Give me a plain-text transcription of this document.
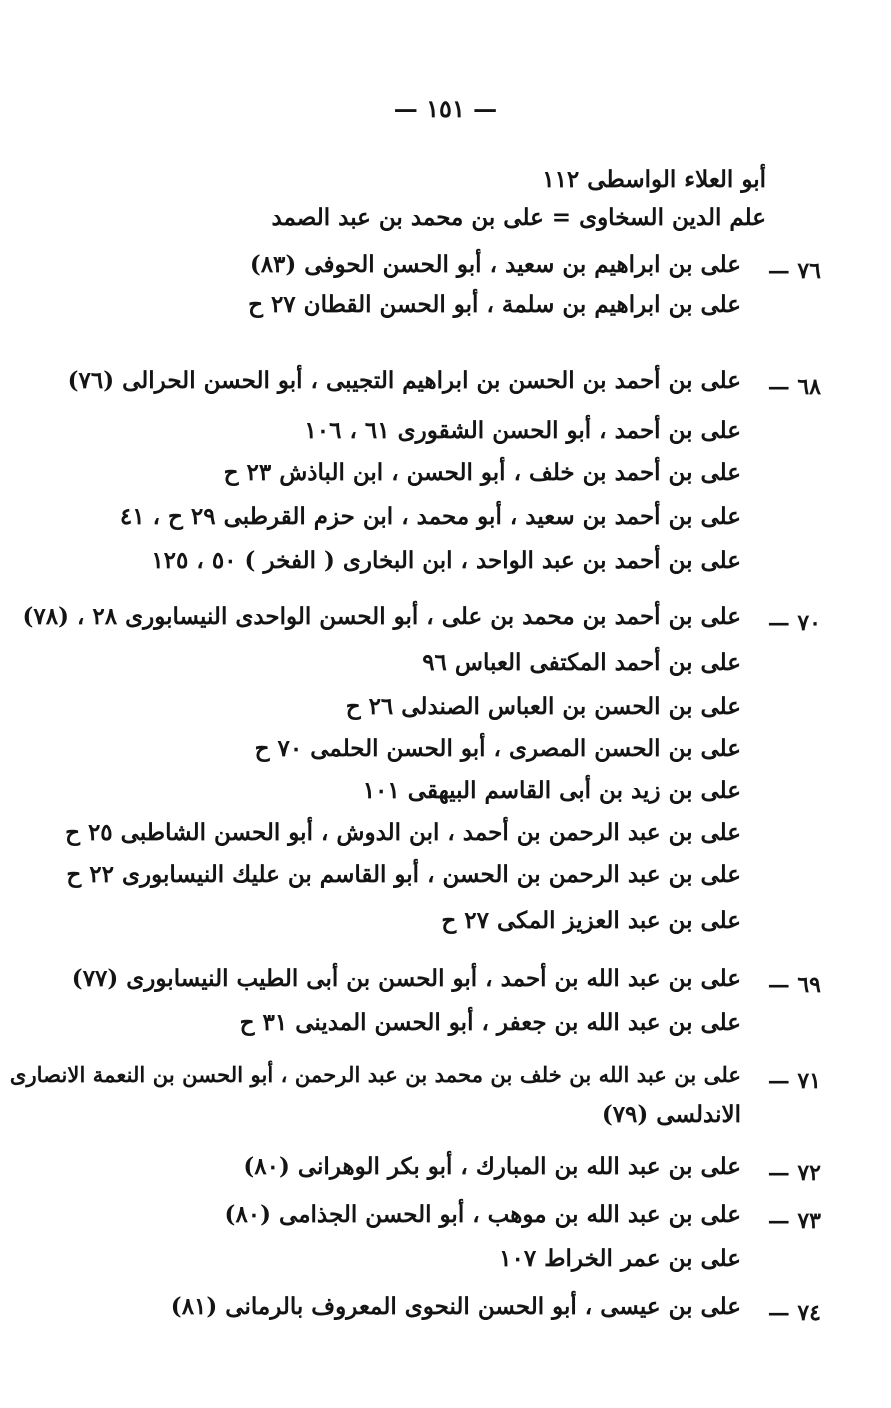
— ١٥١ —
أبو العلاء الواسطى ١١٢
علم الدين السخاوى = على بن محمد بن عبد الصمد
٧٦ —
على بن ابراهيم بن سعيد ، أبو الحسن الحوفى (٨٣)
على بن ابراهيم بن سلمة ، أبو الحسن القطان ٢٧ ح
٦٨ —
على بن أحمد بن الحسن بن ابراهيم التجيبى ، أبو الحسن الحرالى (٧٦)
على بن أحمد ، أبو الحسن الشقورى ٦١ ، ١٠٦
على بن أحمد بن خلف ، أبو الحسن ، ابن الباذش ٢٣ ح
على بن أحمد بن سعيد ، أبو محمد ، ابن حزم القرطبى ٢٩ ح ، ٤١
على بن أحمد بن عبد الواحد ، ابن البخارى ( الفخر ) ٥٠ ، ١٢٥
٧٠ —
على بن أحمد بن محمد بن على ، أبو الحسن الواحدى النيسابورى ٢٨ ، (٧٨)
على بن أحمد المكتفى العباس ٩٦
على بن الحسن بن العباس الصندلى ٢٦ ح
على بن الحسن المصرى ، أبو الحسن الحلمى ٧٠ ح
على بن زيد بن أبى القاسم البيهقى ١٠١
على بن عبد الرحمن بن أحمد ، ابن الدوش ، أبو الحسن الشاطبى ٢٥ ح
على بن عبد الرحمن بن الحسن ، أبو القاسم بن عليك النيسابورى ٢٢ ح
على بن عبد العزيز المكى ٢٧ ح
٦٩ —
على بن عبد الله بن أحمد ، أبو الحسن بن أبى الطيب النيسابورى (٧٧)
على بن عبد الله بن جعفر ، أبو الحسن المدينى ٣١ ح
٧١ —
على بن عبد الله بن خلف بن محمد بن عبد الرحمن ، أبو الحسن بن النعمة الانصارى
الاندلسى (٧٩)
٧٢ —
على بن عبد الله بن المبارك ، أبو بكر الوهرانى (٨٠)
٧٣ —
على بن عبد الله بن موهب ، أبو الحسن الجذامى (٨٠)
على بن عمر الخراط ١٠٧
٧٤ —
على بن عيسى ، أبو الحسن النحوى المعروف بالرمانى (٨١)
